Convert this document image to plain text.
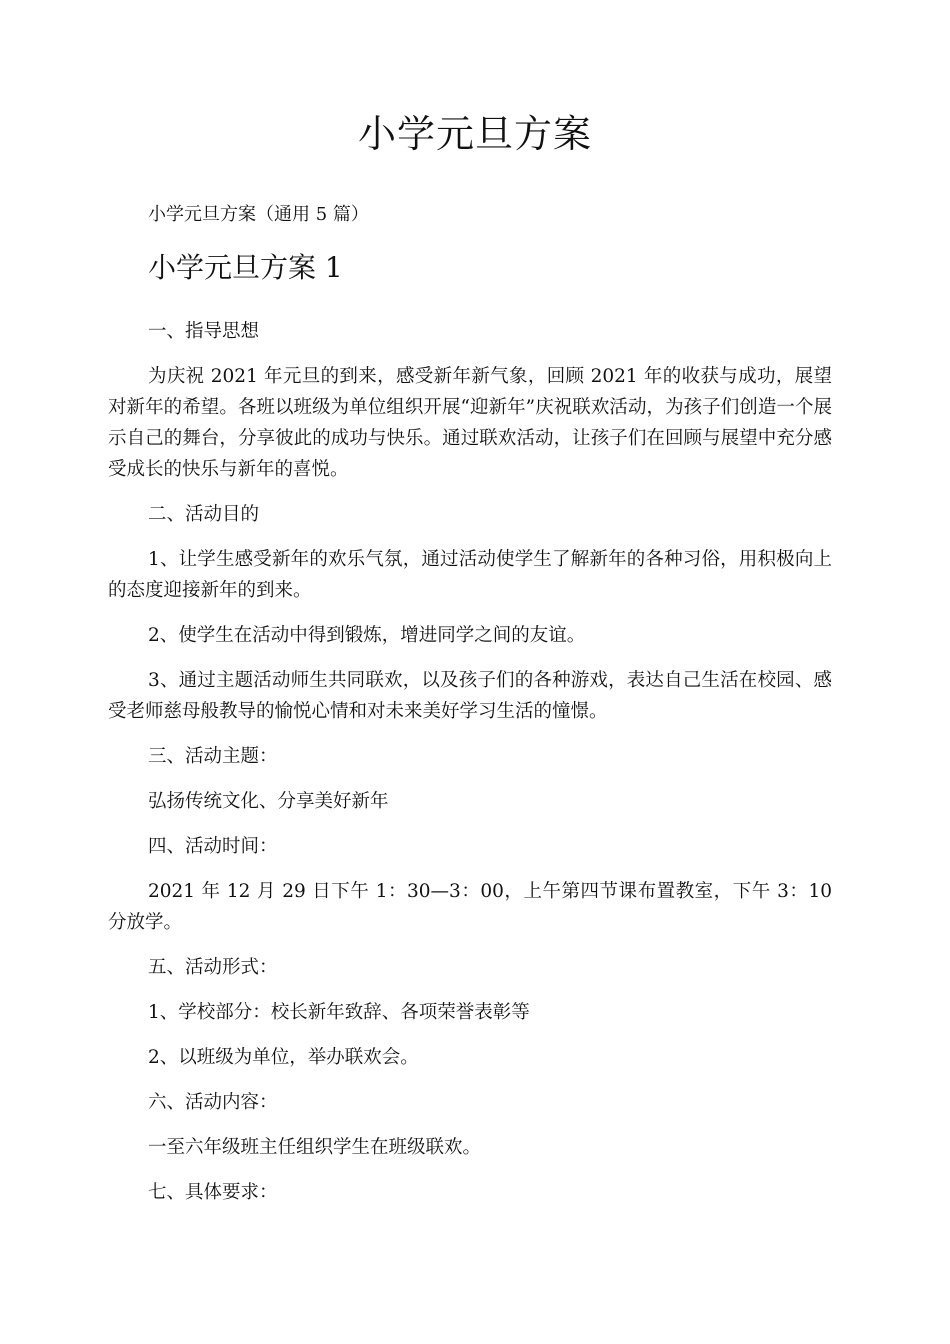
小学元旦方案
小学元旦方案（通用 5 篇）
小学元旦方案 1

一、指导思想

为庆祝 2021 年元旦的到来，感受新年新气象，回顾 2021 年的收获与成功，展望对新年的希望。各班以班级为单位组织开展“迎新年”庆祝联欢活动，为孩子们创造一个展示自己的舞台，分享彼此的成功与快乐。通过联欢活动，让孩子们在回顾与展望中充分感受成长的快乐与新年的喜悦。

二、活动目的

1、让学生感受新年的欢乐气氛，通过活动使学生了解新年的各种习俗，用积极向上的态度迎接新年的到来。

2、使学生在活动中得到锻炼，增进同学之间的友谊。

3、通过主题活动师生共同联欢，以及孩子们的各种游戏，表达自己生活在校园、感受老师慈母般教导的愉悦心情和对未来美好学习生活的憧憬。

三、活动主题：

弘扬传统文化、分享美好新年

四、活动时间：

2021 年 12 月 29 日下午 1：30—3：00，上午第四节课布置教室，下午 3：10 分放学。

五、活动形式：

1、学校部分：校长新年致辞、各项荣誉表彰等

2、以班级为单位，举办联欢会。

六、活动内容：

一至六年级班主任组织学生在班级联欢。

七、具体要求：
